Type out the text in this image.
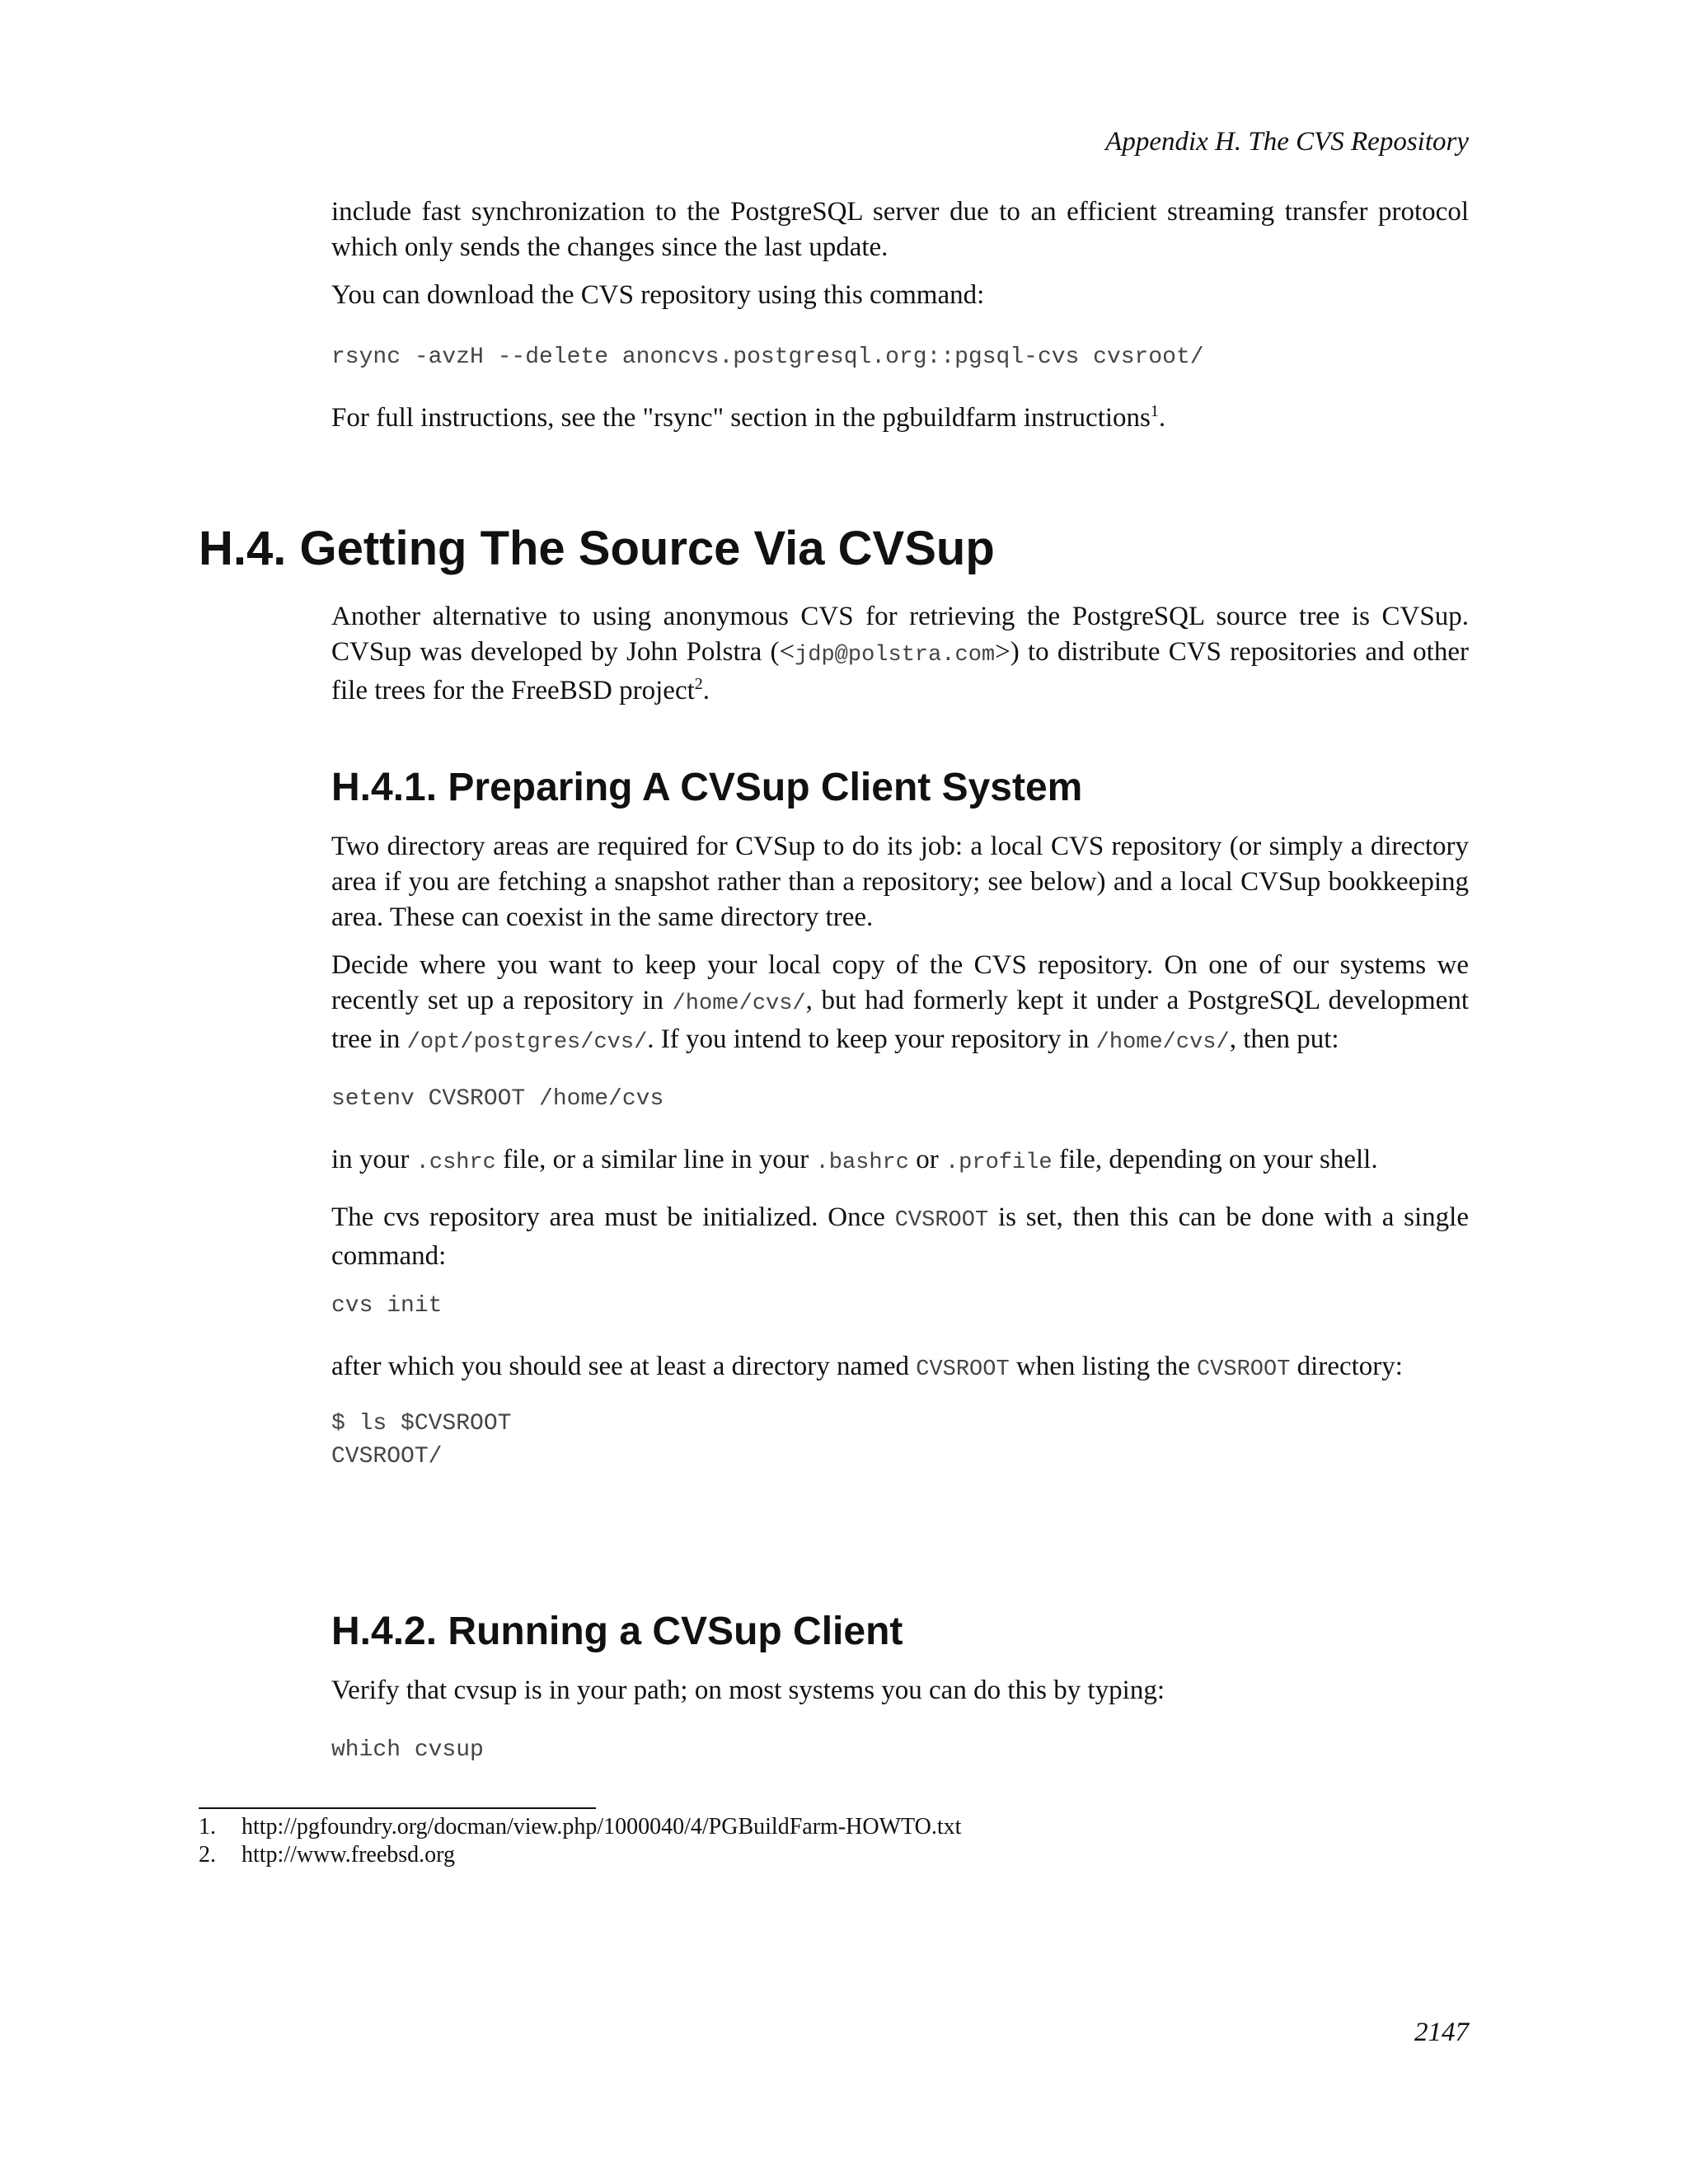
Appendix H. The CVS Repository

include fast synchronization to the PostgreSQL server due to an efficient streaming transfer protocol which only sends the changes since the last update.

You can download the CVS repository using this command:

rsync -avzH --delete anoncvs.postgresql.org::pgsql-cvs cvsroot/

For full instructions, see the "rsync" section in the pgbuildfarm instructions$^1$.

H.4. Getting The Source Via CVSup

Another alternative to using anonymous CVS for retrieving the PostgreSQL source tree is CVSup. CVSup was developed by John Polstra (<jdp@polstra.com>) to distribute CVS repositories and other file trees for the FreeBSD project$^2$.

H.4.1. Preparing A CVSup Client System

Two directory areas are required for CVSup to do its job: a local CVS repository (or simply a directory area if you are fetching a snapshot rather than a repository; see below) and a local CVSup bookkeeping area. These can coexist in the same directory tree.

Decide where you want to keep your local copy of the CVS repository. On one of our systems we recently set up a repository in /home/cvs/, but had formerly kept it under a PostgreSQL development tree in /opt/postgres/cvs/. If you intend to keep your repository in /home/cvs/, then put:

setenv CVSROOT /home/cvs

in your .cshrc file, or a similar line in your .bashrc or .profile file, depending on your shell.

The cvs repository area must be initialized. Once CVSROOT is set, then this can be done with a single command:

cvs init

after which you should see at least a directory named CVSROOT when listing the CVSROOT directory:

$ ls $CVSROOT
CVSROOT/
H.4.2. Running a CVSup Client

Verify that cvsup is in your path; on most systems you can do this by typing:

which cvsup
1. http://pgfoundry.org/docman/view.php/1000040/4/PGBuildFarm-HOWTO.txt
2. http://www.freebsd.org
2147
